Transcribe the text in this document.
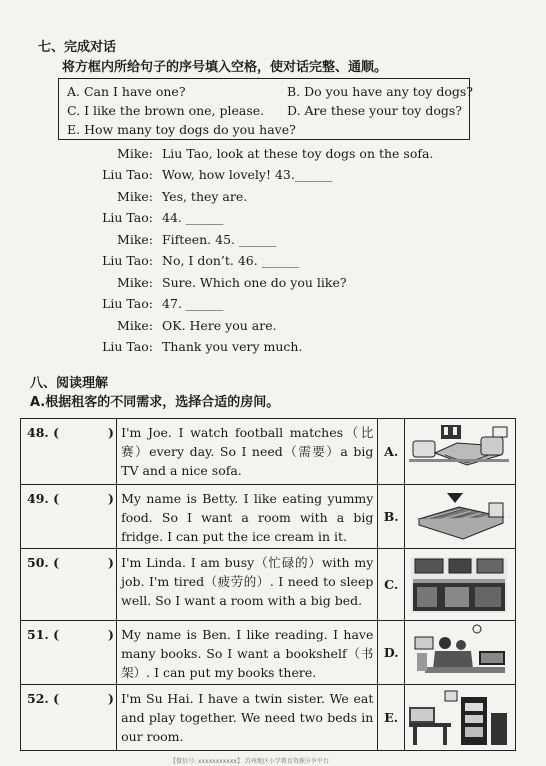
七、完成对话
将方框内所给句子的序号填入空格，使对话完整、通顺。
A. Can I have one?	B. Do you have any toy dogs?
C. I like the brown one, please. D. Are these your toy dogs?
E. How many toy dogs do you have?
Mike: Liu Tao, look at these toy dogs on the sofa.
Liu Tao: Wow, how lovely! 43.______
Mike: Yes, they are.
Liu Tao: 44. ______
Mike: Fifteen. 45. ______
Liu Tao: No, I don’t. 46. ______
Mike: Sure. Which one do you like?
Liu Tao: 47. ______
Mike: OK. Here you are.
Liu Tao: Thank you very much.
八、阅读理解
A.根据租客的不同需求，选择合适的房间。
48. ( )	I'm Joe. I watch football matches（比赛）every day. So I need（需要）a big TV and a nice sofa.	A.	

49. ( )	My name is Betty. I like eating yummy food. So I want a room with a big fridge. I can put the ice cream in it.	B.	

50. ( )	I'm Linda. I am busy（忙碌的）with my job. I'm tired（疲劳的）. I need to sleep well. So I want a room with a big bed.	C.	

51. ( )	My name is Ben. I like reading. I have many books. So I want a bookshelf（书架）. I can put my books there.	D.	

52. ( )	I'm Su Hai. I have a twin sister. We eat and play together. We need two beds in our room.	E.	
【微信号: xxxxxxxxxxx】 苏州地区小学教育资源分享平台
